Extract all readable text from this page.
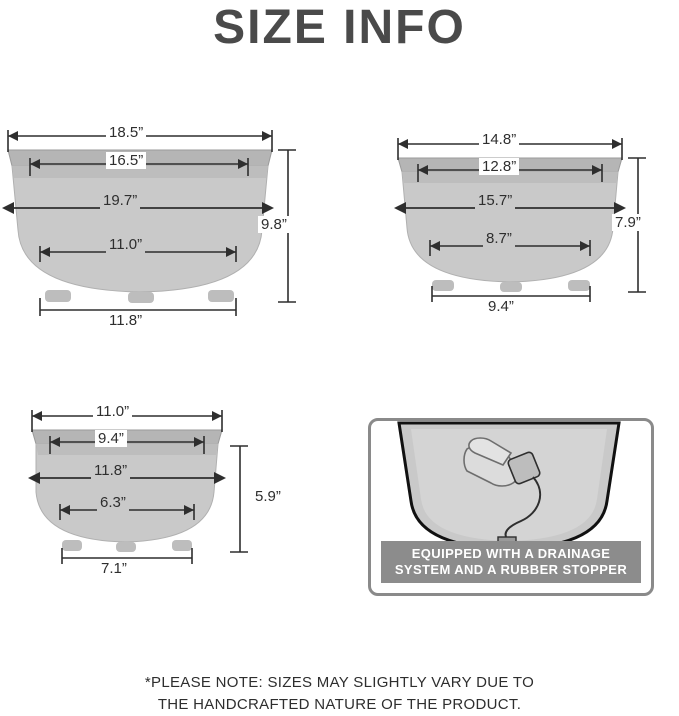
SIZE INFO
18.5”
16.5”
19.7”
11.0”
11.8”
9.8”
14.8”
12.8”
15.7”
8.7”
9.4”
7.9”
11.0”
9.4”
11.8”
6.3”
7.1”
5.9”
EQUIPPED WITH A DRAINAGE
SYSTEM AND A RUBBER STOPPER
*PLEASE NOTE: SIZES MAY SLIGHTLY VARY DUE TO
THE HANDCRAFTED NATURE OF THE PRODUCT.
